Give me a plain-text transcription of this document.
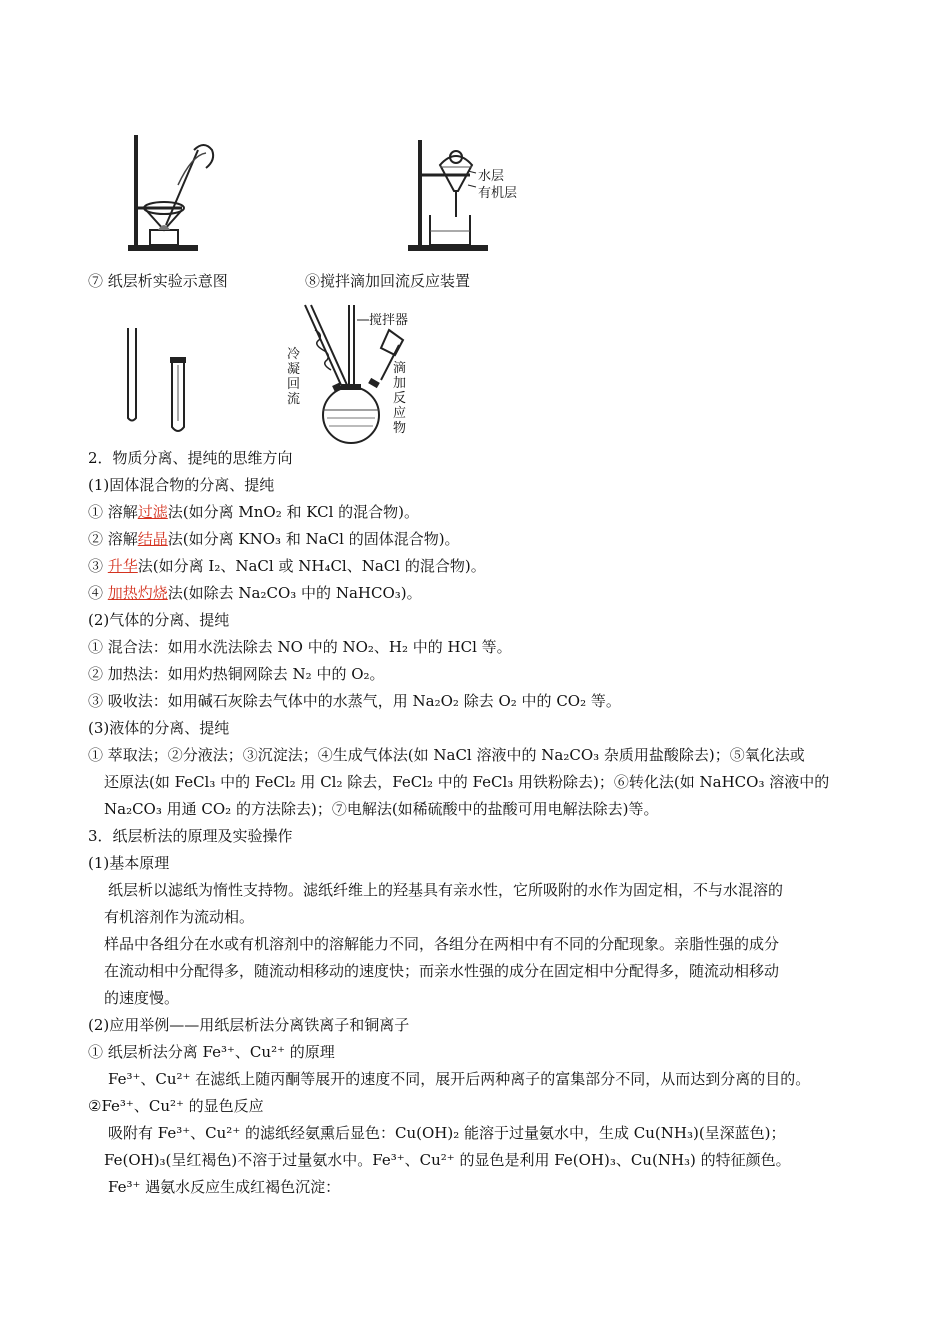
水层
有机层
⑦ 纸层析实验示意图	⑧搅拌滴加回流反应装置
搅拌器
冷
凝
回
流
滴
加
反
应
物
2．物质分离、提纯的思维方向
(1)固体混合物的分离、提纯
① 溶解过滤法(如分离 MnO₂ 和 KCl 的混合物)。
② 溶解结晶法(如分离 KNO₃ 和 NaCl 的固体混合物)。
③ 升华法(如分离 I₂、NaCl 或 NH₄Cl、NaCl 的混合物)。
④ 加热灼烧法(如除去 Na₂CO₃ 中的 NaHCO₃)。
(2)气体的分离、提纯
① 混合法：如用水洗法除去 NO 中的 NO₂、H₂ 中的 HCl 等。
② 加热法：如用灼热铜网除去 N₂ 中的 O₂。
③ 吸收法：如用碱石灰除去气体中的水蒸气，用 Na₂O₂ 除去 O₂ 中的 CO₂ 等。
(3)液体的分离、提纯
① 萃取法；②分液法；③沉淀法；④生成气体法(如 NaCl 溶液中的 Na₂CO₃ 杂质用盐酸除去)；⑤氧化法或
还原法(如 FeCl₃ 中的 FeCl₂ 用 Cl₂ 除去，FeCl₂ 中的 FeCl₃ 用铁粉除去)；⑥转化法(如 NaHCO₃ 溶液中的
Na₂CO₃ 用通 CO₂ 的方法除去)；⑦电解法(如稀硫酸中的盐酸可用电解法除去)等。
3．纸层析法的原理及实验操作
(1)基本原理
纸层析以滤纸为惰性支持物。滤纸纤维上的羟基具有亲水性，它所吸附的水作为固定相，不与水混溶的
有机溶剂作为流动相。
样品中各组分在水或有机溶剂中的溶解能力不同，各组分在两相中有不同的分配现象。亲脂性强的成分
在流动相中分配得多，随流动相移动的速度快；而亲水性强的成分在固定相中分配得多，随流动相移动
的速度慢。
(2)应用举例——用纸层析法分离铁离子和铜离子
① 纸层析法分离 Fe³⁺、Cu²⁺ 的原理
Fe³⁺、Cu²⁺ 在滤纸上随丙酮等展开的速度不同，展开后两种离子的富集部分不同，从而达到分离的目的。
②Fe³⁺、Cu²⁺ 的显色反应
吸附有 Fe³⁺、Cu²⁺ 的滤纸经氨熏后显色：Cu(OH)₂ 能溶于过量氨水中，生成 Cu(NH₃)(呈深蓝色)；
Fe(OH)₃(呈红褐色)不溶于过量氨水中。Fe³⁺、Cu²⁺ 的显色是利用 Fe(OH)₃、Cu(NH₃) 的特征颜色。
Fe³⁺ 遇氨水反应生成红褐色沉淀：
